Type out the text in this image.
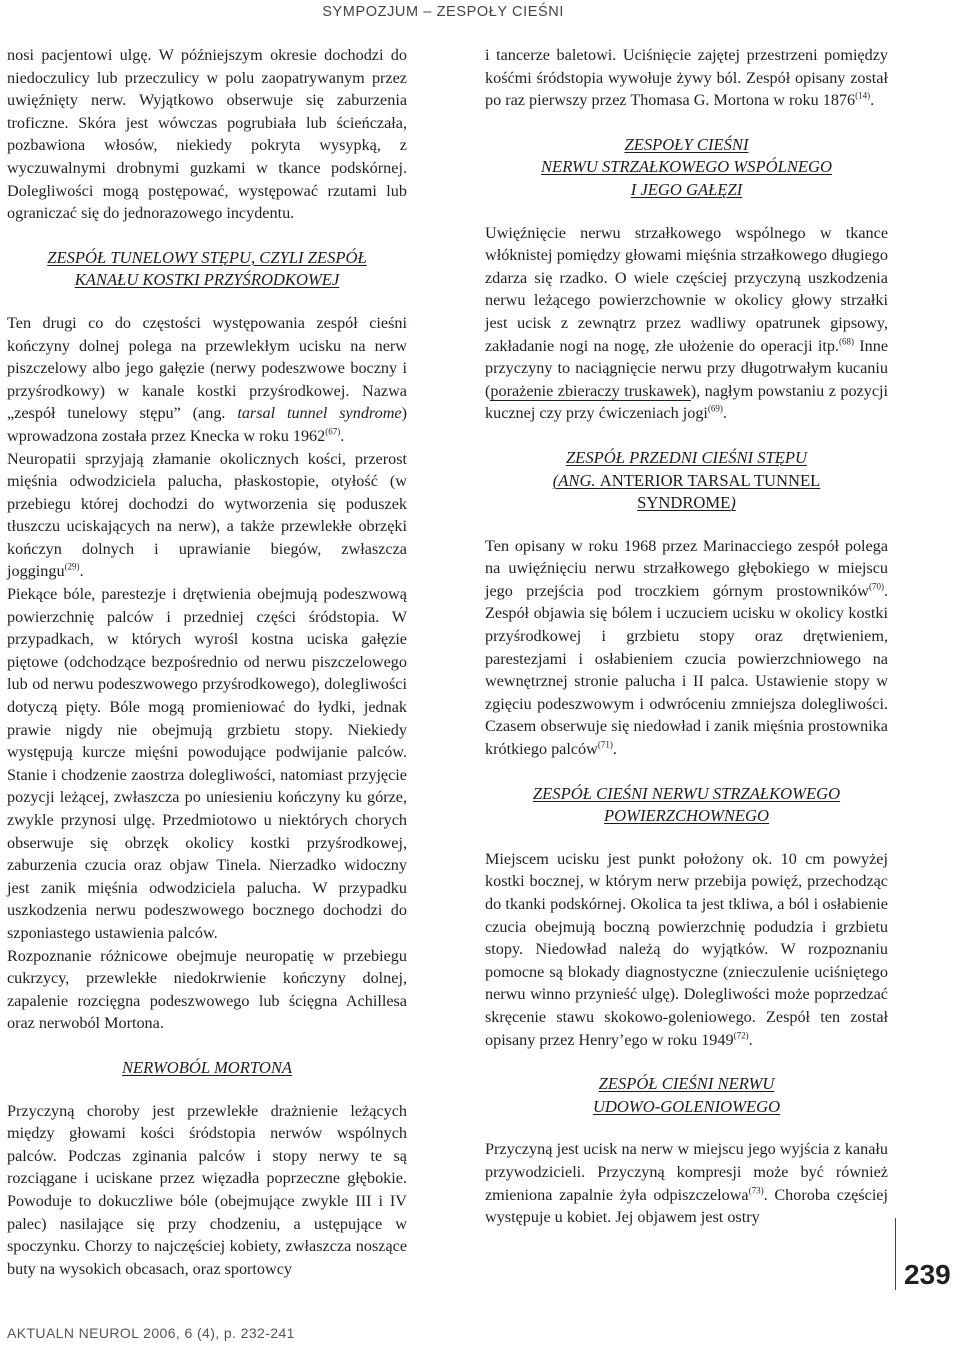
SYMPOZJUM – ZESPOŁY CIEŚNI

nosi pacjentowi ulgę. W późniejszym okresie dochodzi do niedoczulicy lub przeczulicy w polu zaopatrywanym przez uwięźnięty nerw. Wyjątkowo obserwuje się zaburzenia troficzne. Skóra jest wówczas pogrubiała lub ścieńczała, pozbawiona włosów, niekiedy pokryta wysypką, z wyczuwalnymi drobnymi guzkami w tkance podskórnej. Dolegliwości mogą postępować, występować rzutami lub ograniczać się do jednorazowego incydentu.

ZESPÓŁ TUNELOWY STĘPU, CZYLI ZESPÓŁ
KANAŁU KOSTKI PRZYŚRODKOWEJ

Ten drugi co do częstości występowania zespół cieśni kończyny dolnej polega na przewlekłym ucisku na nerw piszczelowy albo jego gałęzie (nerwy podeszwowe boczny i przyśrodkowy) w kanale kostki przyśrodkowej. Nazwa „zespół tunelowy stępu” (ang. tarsal tunnel syndrome) wprowadzona została przez Knecka w roku 1962$^{(67)}$.

Neuropatii sprzyjają złamanie okolicznych kości, przerost mięśnia odwodziciela palucha, płaskostopie, otyłość (w przebiegu której dochodzi do wytworzenia się poduszek tłuszczu uciskających na nerw), a także przewlekłe obrzęki kończyn dolnych i uprawianie biegów, zwłaszcza joggingu$^{(29)}$.

Piekące bóle, parestezje i drętwienia obejmują podeszwową powierzchnię palców i przedniej części śródstopia. W przypadkach, w których wyrośl kostna uciska gałęzie piętowe (odchodzące bezpośrednio od nerwu piszczelowego lub od nerwu podeszwowego przyśrodkowego), dolegliwości dotyczą pięty. Bóle mogą promieniować do łydki, jednak prawie nigdy nie obejmują grzbietu stopy. Niekiedy występują kurcze mięśni powodujące podwijanie palców. Stanie i chodzenie zaostrza dolegliwości, natomiast przyjęcie pozycji leżącej, zwłaszcza po uniesieniu kończyny ku górze, zwykle przynosi ulgę. Przedmiotowo u niektórych chorych obserwuje się obrzęk okolicy kostki przyśrodkowej, zaburzenia czucia oraz objaw Tinela. Nierzadko widoczny jest zanik mięśnia odwodziciela palucha. W przypadku uszkodzenia nerwu podeszwowego bocznego dochodzi do szponiastego ustawienia palców.

Rozpoznanie różnicowe obejmuje neuropatię w przebiegu cukrzycy, przewlekłe niedokrwienie kończyny dolnej, zapalenie rozcięgna podeszwowego lub ścięgna Achillesa oraz nerwoból Mortona.

NERWOBÓL MORTONA

Przyczyną choroby jest przewlekłe drażnienie leżących między głowami kości śródstopia nerwów wspólnych palców. Podczas zginania palców i stopy nerwy te są rozciągane i uciskane przez więzadła poprzeczne głębokie. Powoduje to dokuczliwe bóle (obejmujące zwykle III i IV palec) nasilające się przy chodzeniu, a ustępujące w spoczynku. Chorzy to najczęściej kobiety, zwłaszcza noszące buty na wysokich obcasach, oraz sportowcy

i tancerze baletowi. Uciśnięcie zajętej przestrzeni pomiędzy kośćmi śródstopia wywołuje żywy ból. Zespół opisany został po raz pierwszy przez Thomasa G. Mortona w roku 1876$^{(14)}$.

ZESPOŁY CIEŚNI
NERWU STRZAŁKOWEGO WSPÓLNEGO
I JEGO GAŁĘZI

Uwięźnięcie nerwu strzałkowego wspólnego w tkance włóknistej pomiędzy głowami mięśnia strzałkowego długiego zdarza się rzadko. O wiele częściej przyczyną uszkodzenia nerwu leżącego powierzchownie w okolicy głowy strzałki jest ucisk z zewnątrz przez wadliwy opatrunek gipsowy, zakładanie nogi na nogę, złe ułożenie do operacji itp.$^{(68)}$ Inne przyczyny to naciągnięcie nerwu przy długotrwałym kucaniu (porażenie zbieraczy truskawek), nagłym powstaniu z pozycji kucznej czy przy ćwiczeniach jogi$^{(69)}$.

ZESPÓŁ PRZEDNI CIEŚNI STĘPU
(ANG. ANTERIOR TARSAL TUNNEL
SYNDROME)

Ten opisany w roku 1968 przez Marinacciego zespół polega na uwięźnięciu nerwu strzałkowego głębokiego w miejscu jego przejścia pod troczkiem górnym prostowników$^{(70)}$. Zespół objawia się bólem i uczuciem ucisku w okolicy kostki przyśrodkowej i grzbietu stopy oraz drętwieniem, parestezjami i osłabieniem czucia powierzchniowego na wewnętrznej stronie palucha i II palca. Ustawienie stopy w zgięciu podeszwowym i odwróceniu zmniejsza dolegliwości. Czasem obserwuje się niedowład i zanik mięśnia prostownika krótkiego palców$^{(71)}$.

ZESPÓŁ CIEŚNI NERWU STRZAŁKOWEGO
POWIERZCHOWNEGO

Miejscem ucisku jest punkt położony ok. 10 cm powyżej kostki bocznej, w którym nerw przebija powięź, przechodząc do tkanki podskórnej. Okolica ta jest tkliwa, a ból i osłabienie czucia obejmują boczną powierzchnię podudzia i grzbietu stopy. Niedowład należą do wyjątków. W rozpoznaniu pomocne są blokady diagnostyczne (znieczulenie uciśniętego nerwu winno przynieść ulgę). Dolegliwości może poprzedzać skręcenie stawu skokowo-goleniowego. Zespół ten został opisany przez Henry’ego w roku 1949$^{(72)}$.

ZESPÓŁ CIEŚNI NERWU
UDOWO-GOLENIOWEGO

Przyczyną jest ucisk na nerw w miejscu jego wyjścia z kanału przywodzicieli. Przyczyną kompresji może być również zmieniona zapalnie żyła odpiszczelowa$^{(73)}$. Choroba częściej występuje u kobiet. Jej objawem jest ostry

239
AKTUALN NEUROL 2006, 6 (4), p. 232-241
